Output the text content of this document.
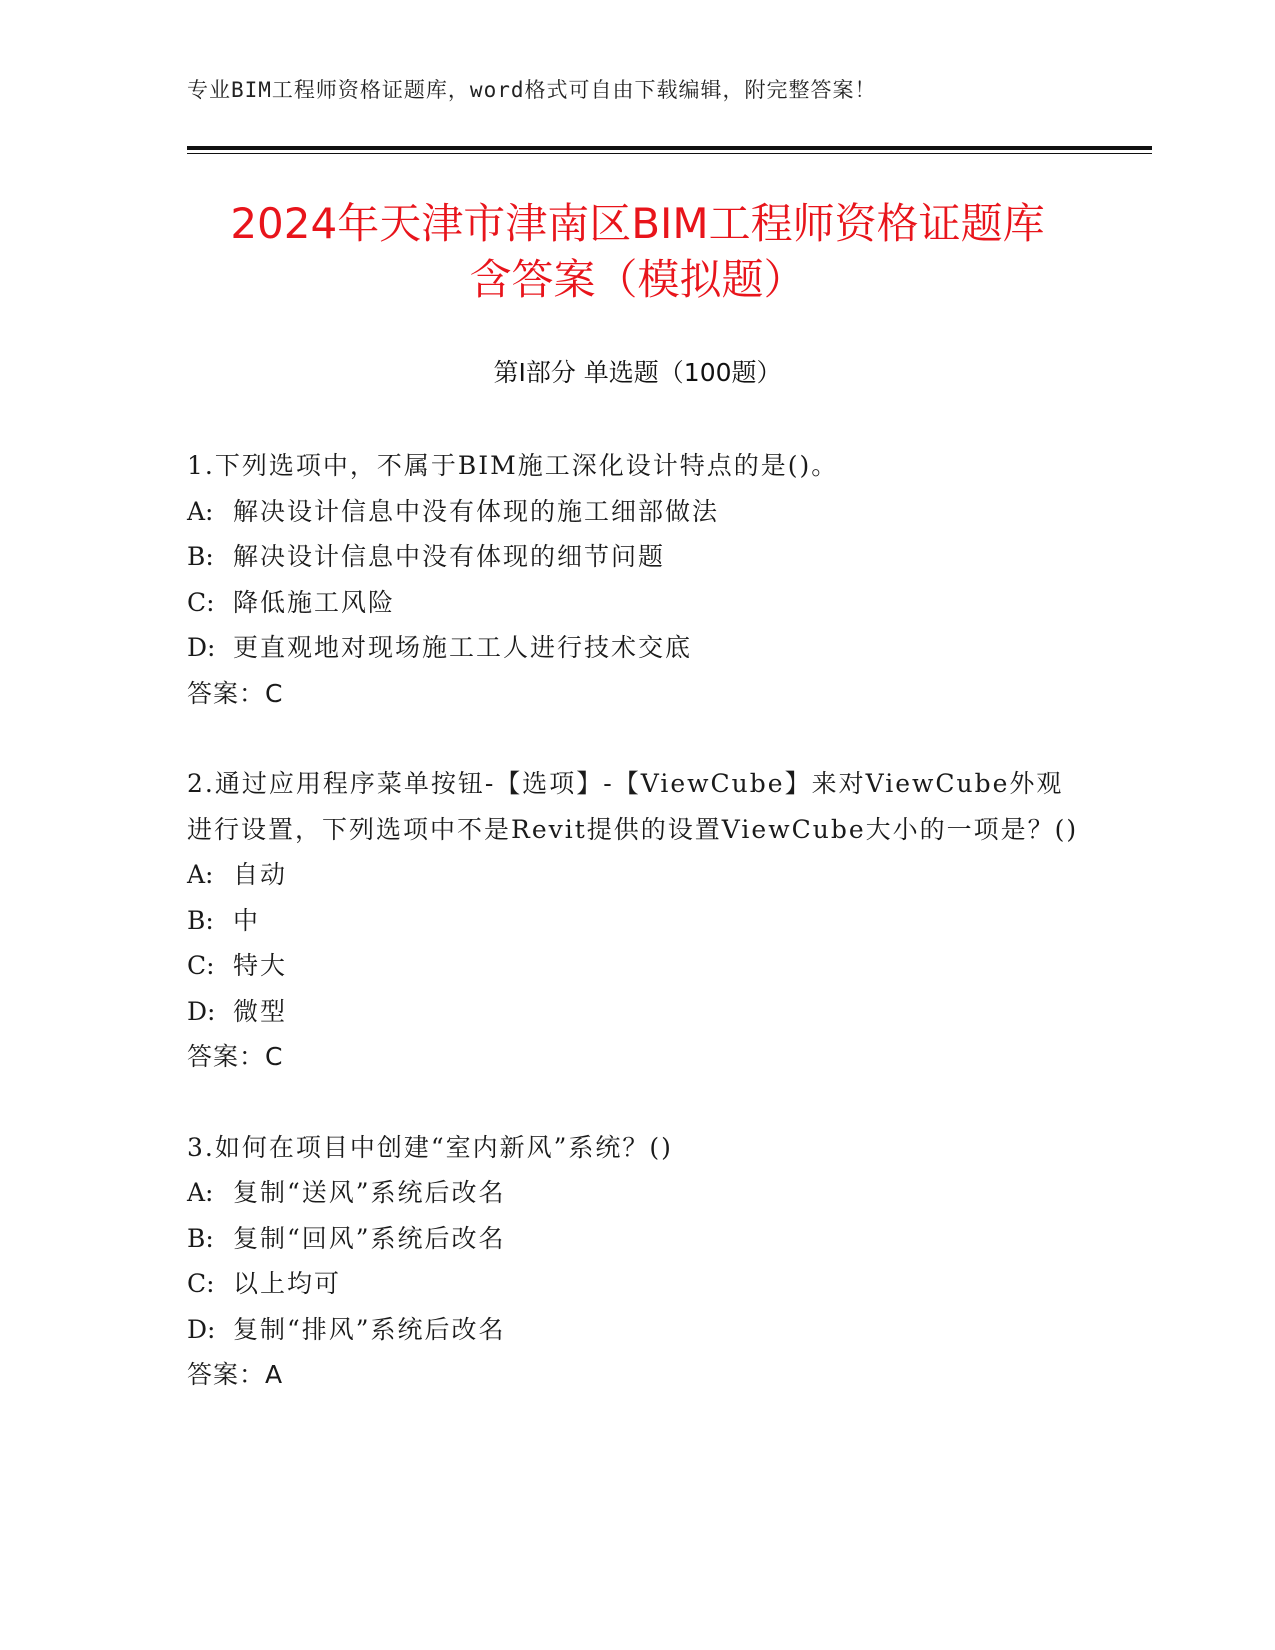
专业BIM工程师资格证题库，word格式可自由下载编辑，附完整答案！
2024年天津市津南区BIM工程师资格证题库
含答案（模拟题）
第I部分 单选题（100题）
1.下列选项中，不属于BIM施工深化设计特点的是()。
A: 解决设计信息中没有体现的施工细部做法
B: 解决设计信息中没有体现的细节问题
C: 降低施工风险
D: 更直观地对现场施工工人进行技术交底
答案：C
2.通过应用程序菜单按钮-【选项】-【ViewCube】来对ViewCube外观进行设置，下列选项中不是Revit提供的设置ViewCube大小的一项是？()
A: 自动
B: 中
C: 特大
D: 微型
答案：C
3.如何在项目中创建“室内新风”系统？()
A: 复制“送风”系统后改名
B: 复制“回风”系统后改名
C: 以上均可
D: 复制“排风”系统后改名
答案：A
